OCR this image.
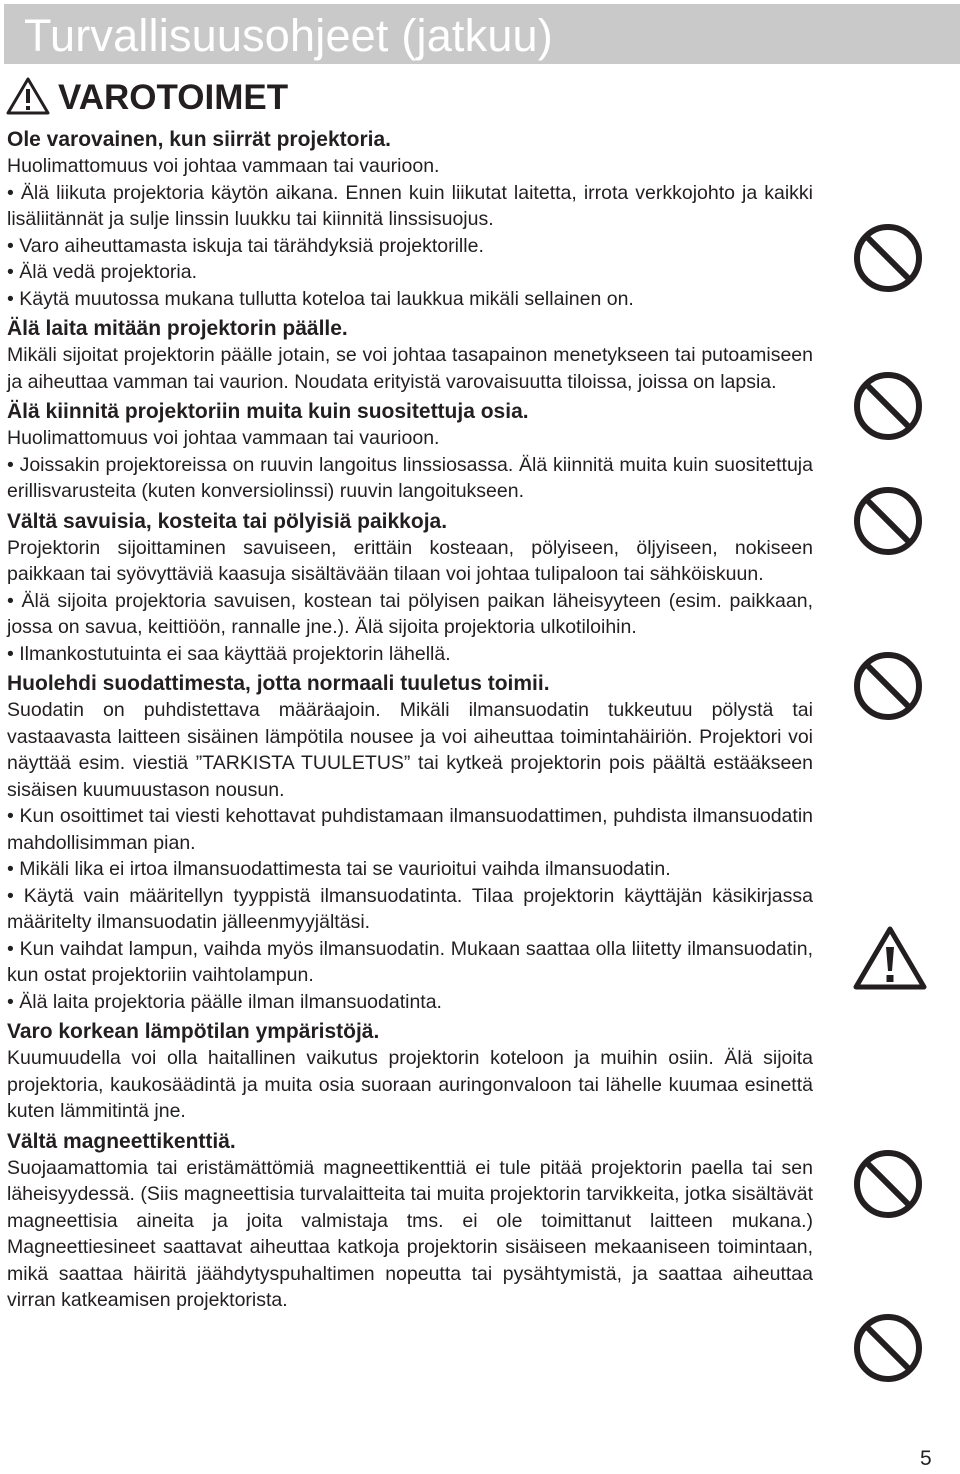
Turvallisuusohjeet (jatkuu)
VAROTOIMET
Ole varovainen, kun siirrät projektoria.
Huolimattomuus voi johtaa vammaan tai vaurioon.
• Älä liikuta projektoria käytön aikana. Ennen kuin liikutat laitetta, irrota verkkojohto ja kaikki lisäliitännät ja sulje linssin luukku tai kiinnitä linssisuojus.
• Varo aiheuttamasta iskuja tai tärähdyksiä projektorille.
• Älä vedä projektoria.
• Käytä muutossa mukana tullutta koteloa tai laukkua mikäli sellainen on.
Älä laita mitään projektorin päälle.
Mikäli sijoitat projektorin päälle jotain, se voi johtaa tasapainon menetykseen tai putoamiseen ja aiheuttaa vamman tai vaurion. Noudata erityistä varovaisuutta tiloissa, joissa on lapsia.
Älä kiinnitä projektoriin muita kuin suositettuja osia.
Huolimattomuus voi johtaa vammaan tai vaurioon.
• Joissakin projektoreissa on ruuvin langoitus linssiosassa. Älä kiinnitä muita kuin suositettuja erillisvarusteita (kuten konversiolinssi) ruuvin langoitukseen.
Vältä savuisia, kosteita tai pölyisiä paikkoja.
Projektorin sijoittaminen savuiseen, erittäin kosteaan, pölyiseen, öljyiseen, nokiseen paikkaan tai syövyttäviä kaasuja sisältävään tilaan voi johtaa tulipaloon tai sähköiskuun.
• Älä sijoita projektoria savuisen, kostean tai pölyisen paikan läheisyyteen (esim. paikkaan, jossa on savua, keittiöön, rannalle jne.). Älä sijoita projektoria ulkotiloihin.
• Ilmankostutuinta ei saa käyttää projektorin lähellä.
Huolehdi suodattimesta, jotta normaali tuuletus toimii.
Suodatin on puhdistettava määräajoin. Mikäli ilmansuodatin tukkeutuu pölystä tai vastaavasta laitteen sisäinen lämpötila nousee ja voi aiheuttaa toimintahäiriön. Projektori voi näyttää esim. viestiä ”TARKISTA TUULETUS” tai kytkeä projektorin pois päältä estääkseen sisäisen kuumuustason nousun.
• Kun osoittimet tai viesti kehottavat puhdistamaan ilmansuodattimen, puhdista ilmansuodatin mahdollisimman pian.
• Mikäli lika ei irtoa ilmansuodattimesta tai se vaurioitui vaihda ilmansuodatin.
• Käytä vain määritellyn tyyppistä ilmansuodatinta. Tilaa projektorin käyttäjän käsikirjassa määritelty ilmansuodatin jälleenmyyjältäsi.
• Kun vaihdat lampun, vaihda myös ilmansuodatin. Mukaan saattaa olla liitetty ilmansuodatin, kun ostat projektoriin vaihtolampun.
• Älä laita projektoria päälle ilman ilmansuodatinta.
Varo korkean lämpötilan ympäristöjä.
Kuumuudella voi olla haitallinen vaikutus projektorin koteloon ja muihin osiin. Älä sijoita projektoria, kaukosäädintä ja muita osia suoraan auringonvaloon tai lähelle kuumaa esinettä kuten lämmitintä jne.
Vältä magneettikenttiä.
Suojaamattomia tai eristämättömiä magneettikenttiä ei tule pitää projektorin paella tai sen läheisyydessä. (Siis magneettisia turvalaitteita tai muita projektorin tarvikkeita, jotka sisältävät magneettisia aineita ja joita valmistaja tms. ei ole toimittanut laitteen mukana.) Magneettiesineet saattavat aiheuttaa katkoja projektorin sisäiseen mekaaniseen toimintaan, mikä saattaa häiritä jäähdytyspuhaltimen nopeutta tai pysähtymistä, ja saattaa aiheuttaa virran katkeamisen projektorista.
5
